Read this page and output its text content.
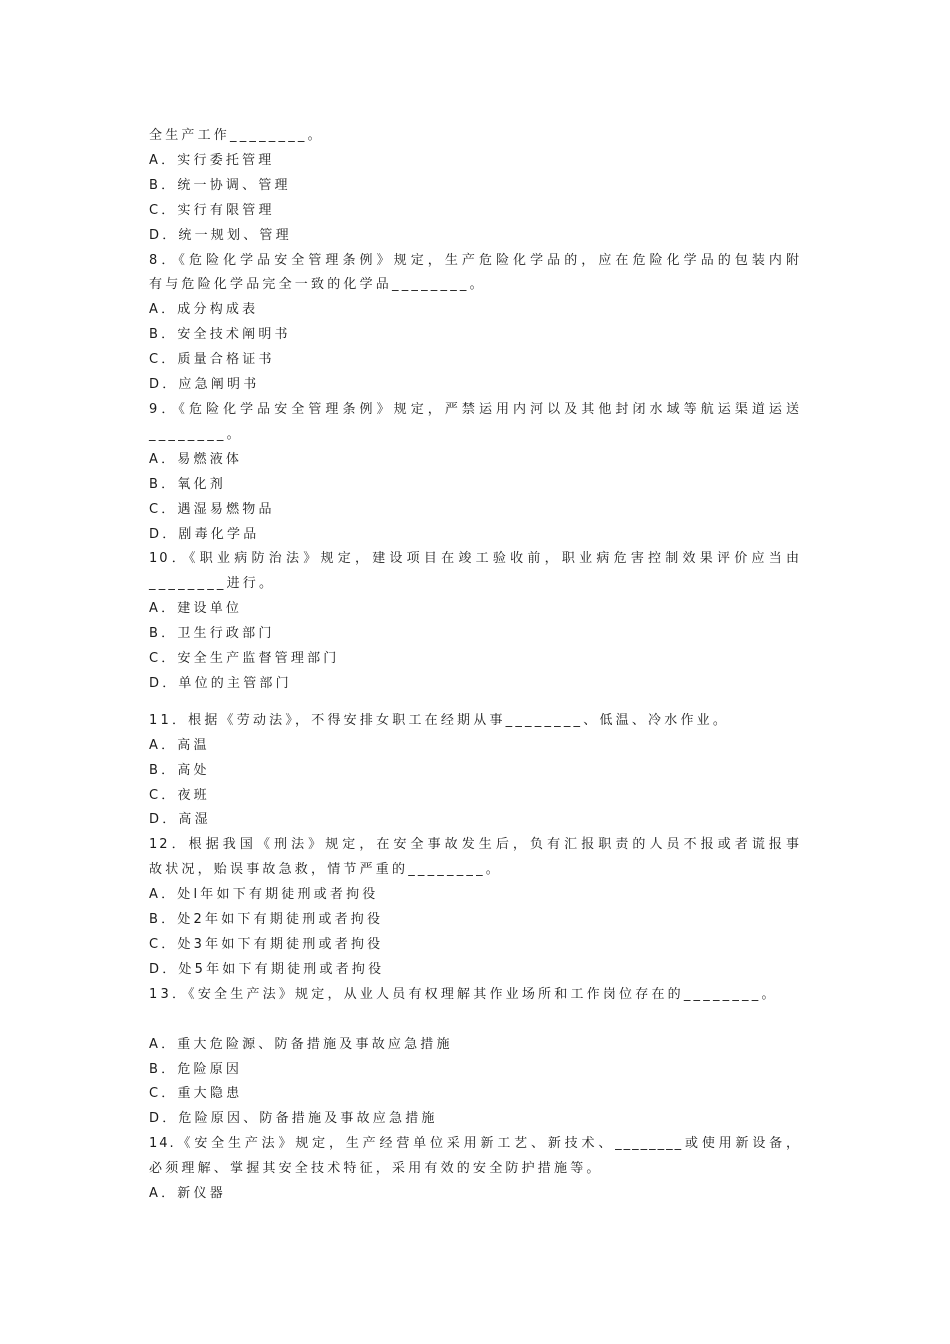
全生产工作________。
A．实行委托管理
B．统一协调、管理
C．实行有限管理
D．统一规划、管理
8．《危险化学品安全管理条例》规定，生产危险化学品的，应在危险化学品的包装内附
有与危险化学品完全一致的化学品________。
A．成分构成表
B．安全技术阐明书
C．质量合格证书
D．应急阐明书
9．《危险化学品安全管理条例》规定，严禁运用内河以及其他封闭水域等航运渠道运送
________。
A．易燃液体
B．氧化剂
C．遇湿易燃物品
D．剧毒化学品
10．《职业病防治法》规定，建设项目在竣工验收前，职业病危害控制效果评价应当由
________进行。
A．建设单位
B．卫生行政部门
C．安全生产监督管理部门
D．单位的主管部门
11．根据《劳动法》，不得安排女职工在经期从事________、低温、冷水作业。
A．高温
B．高处
C．夜班
D．高湿
12．根据我国《刑法》规定，在安全事故发生后，负有汇报职责的人员不报或者谎报事
故状况，贻误事故急救，情节严重的________。
A．处l年如下有期徒刑或者拘役
B．处2年如下有期徒刑或者拘役
C．处3年如下有期徒刑或者拘役
D．处5年如下有期徒刑或者拘役
13．《安全生产法》规定，从业人员有权理解其作业场所和工作岗位存在的________。
A．重大危险源、防备措施及事故应急措施
B．危险原因
C．重大隐患
D．危险原因、防备措施及事故应急措施
14.《安全生产法》规定，生产经营单位采用新工艺、新技术、________或使用新设备，
必须理解、掌握其安全技术特征，采用有效的安全防护措施等。
A．新仪器
